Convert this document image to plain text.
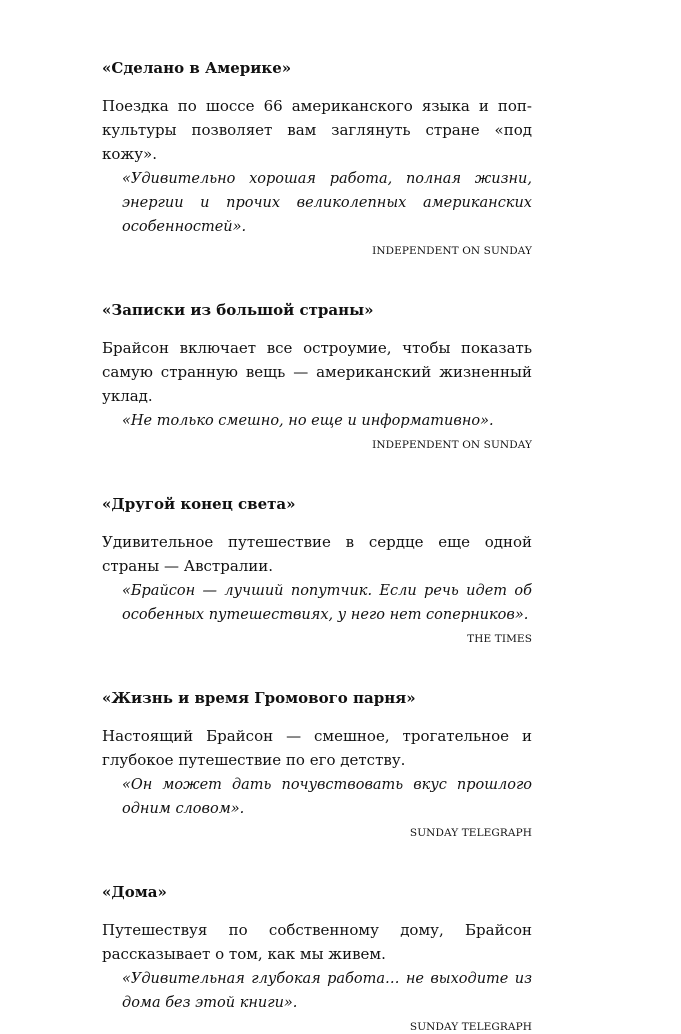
«Сделано в Америке»

Поездка по шоссе 66 американского языка и поп-культуры позволяет вам заглянуть стране «под кожу».

«Удивительно хорошая работа, полная жизни, энергии и прочих великолепных американских особенностей».

INDEPENDENT ON SUNDAY
«Записки из большой страны»

Брайсон включает все остроумие, чтобы показать самую странную вещь — американский жизненный уклад.

«Не только смешно, но еще и информативно».

INDEPENDENT ON SUNDAY
«Другой конец света»

Удивительное путешествие в сердце еще одной страны — Австралии.

«Брайсон — лучший попутчик. Если речь идет об особенных путешествиях, у него нет соперников».

THE TIMES
«Жизнь и время Громового парня»

Настоящий Брайсон — смешное, трогательное и глубокое путешествие по его детству.

«Он может дать почувствовать вкус прошлого одним словом».

SUNDAY TELEGRAPH
«Дома»

Путешествуя по собственному дому, Брайсон рассказывает о том, как мы живем.

«Удивительная глубокая работа… не выходите из дома без этой книги».

SUNDAY TELEGRAPH
